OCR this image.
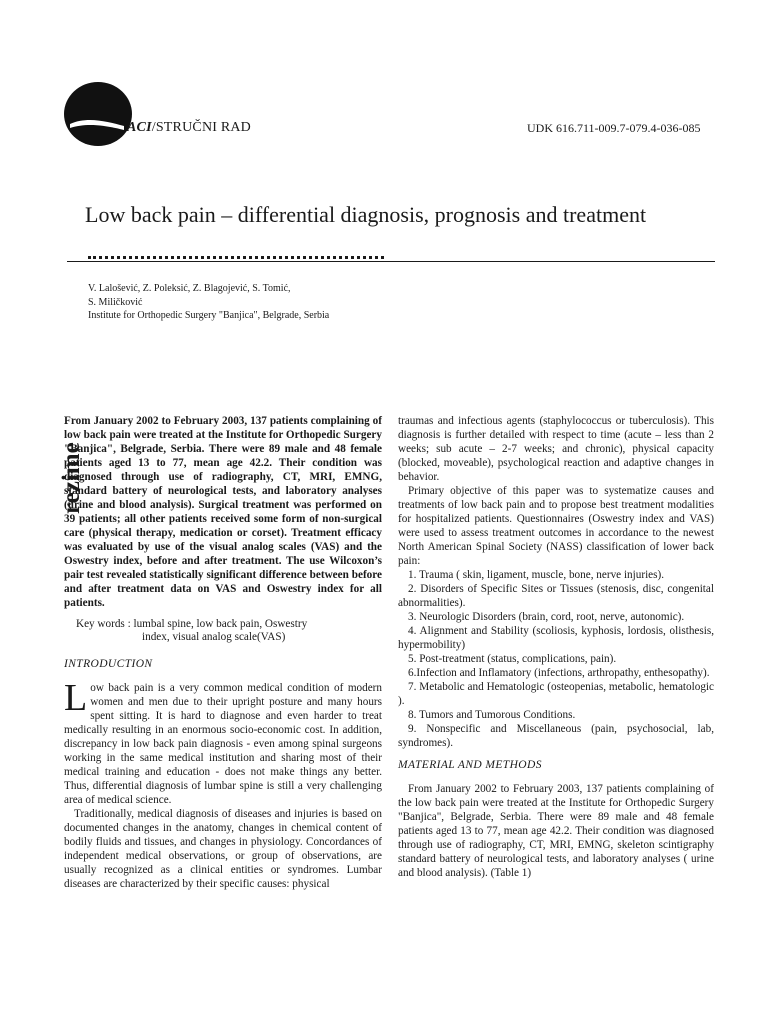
ACI/STRUČNI RAD	UDK 616.711-009.7-079.4-036-085
Low back pain – differential diagnosis, prognosis and treatment
V. Lalošević, Z. Poleksić, Z. Blagojević, S. Tomić,
S. Miličković
Institute for Orthopedic Surgery "Banjica", Belgrade, Serbia
rezime

From January 2002 to February 2003, 137 patients complaining of low back pain were treated at the Institute for Orthopedic Surgery "Banjica", Belgrade, Serbia. There were 89 male and 48 female patients aged 13 to 77, mean age 42.2. Their condition was diagnosed through use of radiography, CT, MRI, EMNG, standard battery of neurological tests, and laboratory analyses (urine and blood analysis). Surgical treatment was performed on 39 patients; all other patients received some form of non-surgical care (physical therapy, medication or corset). Treatment efficacy was evaluated by use of the visual analog scales (VAS) and the Oswestry index, before and after treatment. The use Wilcoxon’s pair test revealed statistically significant difference between before and after treatment data on VAS and Oswestry index for all patients.

Key words : lumbal spine, low back pain, Oswestry
index, visual analog scale(VAS)
INTRODUCTION

Low back pain is a very common medical condition of modern women and men due to their upright posture and many hours spent sitting. It is hard to diagnose and even harder to treat medically resulting in an enormous socio-economic cost. In addition, discrepancy in low back pain diagnosis - even among spinal surgeons working in the same medical institution and sharing most of their medical training and education - does not make things any better. Thus, differential diagnosis of lumbar spine is still a very challenging area of medical science.

Traditionally, medical diagnosis of diseases and injuries is based on documented changes in the anatomy, changes in chemical content of bodily fluids and tissues, and changes in physiology. Concordances of independent medical observations, or group of observations, are usually recognized as a clinical entities or syndromes. Lumbar diseases are characterized by their specific causes: physical

traumas and infectious agents (staphylococcus or tuberculosis). This diagnosis is further detailed with respect to time (acute – less than 2 weeks; sub acute – 2-7 weeks; and chronic), physical capacity (blocked, moveable), psychological reaction and adaptive changes in behavior.

Primary objective of this paper was to systematize causes and treatments of low back pain and to propose best treatment modalities for hospitalized patients. Questionnaires (Oswestry index and VAS) were used to assess treatment outcomes in accordance to the newest North American Spinal Society (NASS) classification of lower back pain:

1. Trauma ( skin, ligament, muscle, bone, nerve injuries).
2. Disorders of Specific Sites or Tissues (stenosis, disc, congenital abnormalities).
3. Neurologic Disorders (brain, cord, root, nerve, autonomic).
4. Alignment and Stability (scoliosis, kyphosis, lordosis, olisthesis, hypermobility)
5. Post-treatment (status, complications, pain).
6.Infection and Inflamatory (infections, arthropathy, enthesopathy).
7. Metabolic and Hematologic (osteopenias, metabolic, hematologic ).
8. Tumors and Tumorous Conditions.
9. Nonspecific and Miscellaneous (pain, psychosocial, lab, syndromes).
MATERIAL AND METHODS

From January 2002 to February 2003, 137 patients complaining of the low back pain were treated at the Institute for Orthopedic Surgery "Banjica", Belgrade, Serbia. There were 89 male and 48 female patients aged 13 to 77, mean age 42.2. Their condition was diagnosed through use of radiography, CT, MRI, EMNG, skeleton scintigraphy standard battery of neurological tests, and laboratory analyses ( urine and blood analysis). (Table 1)
